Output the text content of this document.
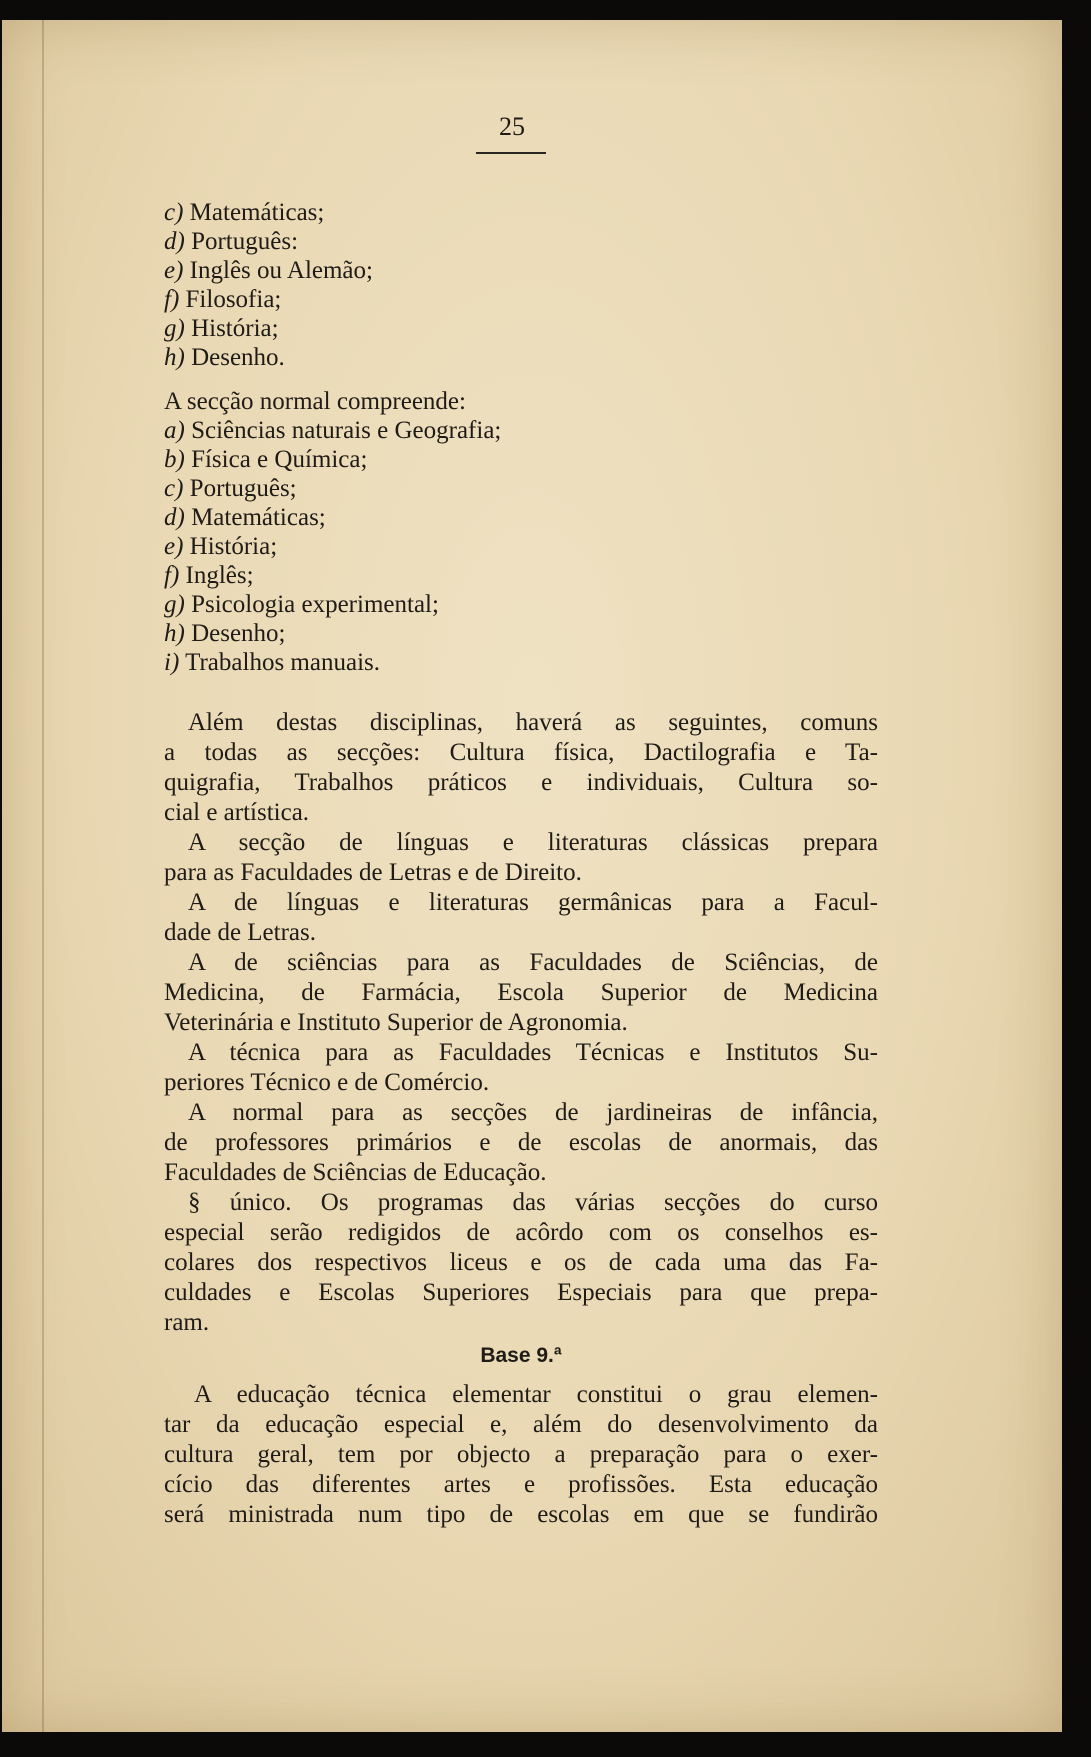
25
c) Matemáticas;
d) Português:
e) Inglês ou Alemão;
f) Filosofia;
g) História;
h) Desenho.
A secção normal compreende:
a) Sciências naturais e Geografia;
b) Física e Química;
c) Português;
d) Matemáticas;
e) História;
f) Inglês;
g) Psicologia experimental;
h) Desenho;
i) Trabalhos manuais.
Além destas disciplinas, haverá as seguintes, comuns
a todas as secções: Cultura física, Dactilografia e Ta-
quigrafia, Trabalhos práticos e individuais, Cultura so-
cial e artística.
A secção de línguas e literaturas clássicas prepara
para as Faculdades de Letras e de Direito.
A de línguas e literaturas germânicas para a Facul-
dade de Letras.
A de sciências para as Faculdades de Sciências, de
Medicina, de Farmácia, Escola Superior de Medicina
Veterinária e Instituto Superior de Agronomia.
A técnica para as Faculdades Técnicas e Institutos Su-
periores Técnico e de Comércio.
A normal para as secções de jardineiras de infância,
de professores primários e de escolas de anormais, das
Faculdades de Sciências de Educação.
§ único. Os programas das várias secções do curso
especial serão redigidos de acôrdo com os conselhos es-
colares dos respectivos liceus e os de cada uma das Fa-
culdades e Escolas Superiores Especiais para que prepa-
ram.
Base 9.ª
A educação técnica elementar constitui o grau elemen-
tar da educação especial e, além do desenvolvimento da
cultura geral, tem por objecto a preparação para o exer-
cício das diferentes artes e profissões. Esta educação
será ministrada num tipo de escolas em que se fundirão
